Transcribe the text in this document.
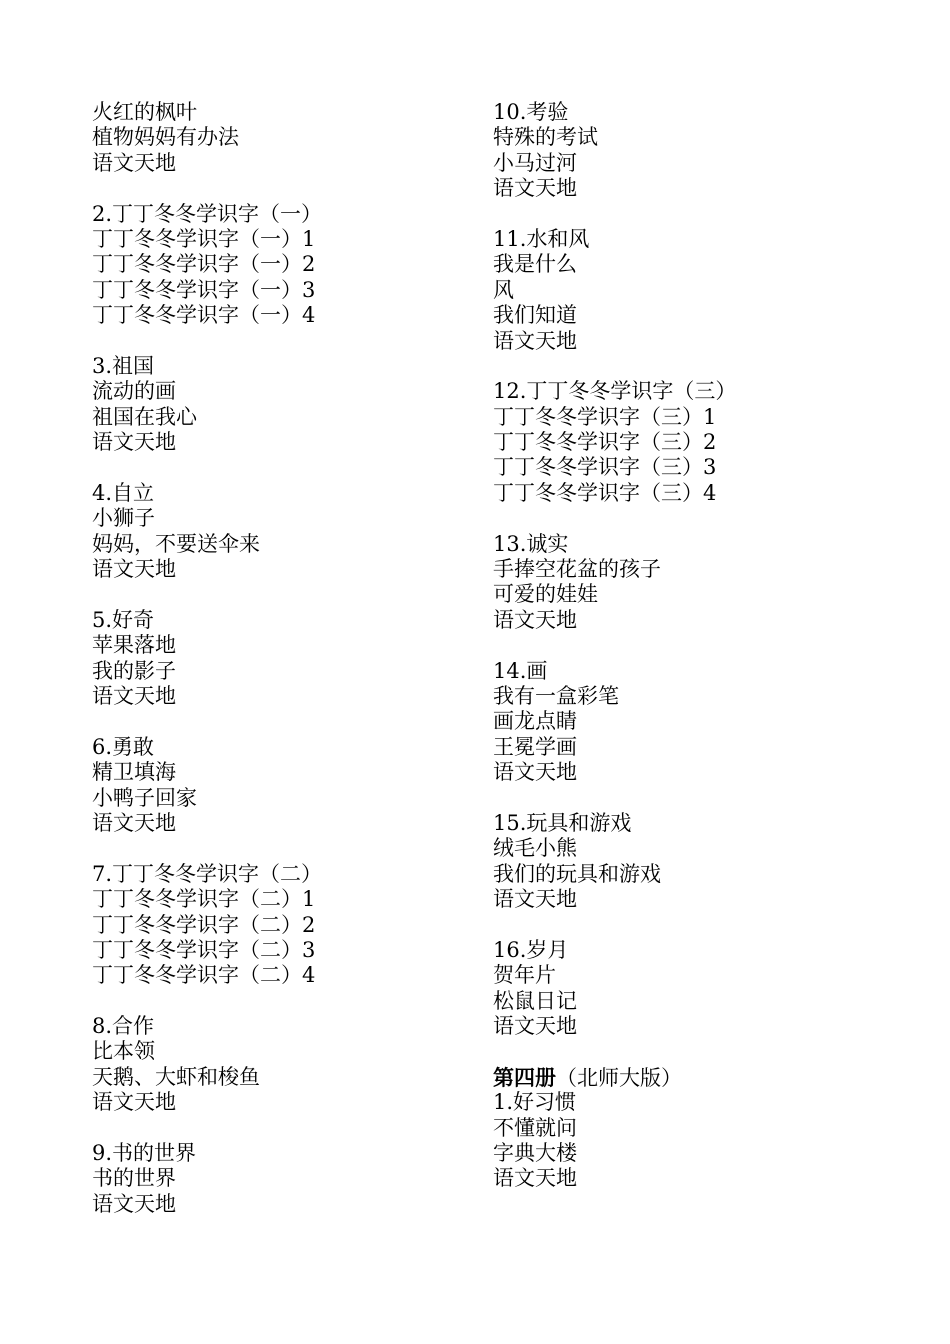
火红的枫叶
植物妈妈有办法
语文天地
2.丁丁冬冬学识字（一）
丁丁冬冬学识字（一）1
丁丁冬冬学识字（一）2
丁丁冬冬学识字（一）3
丁丁冬冬学识字（一）4
3.祖国
流动的画
祖国在我心
语文天地
4.自立
小狮子
妈妈，不要送伞来
语文天地
5.好奇
苹果落地
我的影子
语文天地
6.勇敢
精卫填海
小鸭子回家
语文天地
7.丁丁冬冬学识字（二）
丁丁冬冬学识字（二）1
丁丁冬冬学识字（二）2
丁丁冬冬学识字（二）3
丁丁冬冬学识字（二）4
8.合作
比本领
天鹅、大虾和梭鱼
语文天地
9.书的世界
书的世界
语文天地
10.考验
特殊的考试
小马过河
语文天地
11.水和风
我是什么
风
我们知道
语文天地
12.丁丁冬冬学识字（三）
丁丁冬冬学识字（三）1
丁丁冬冬学识字（三）2
丁丁冬冬学识字（三）3
丁丁冬冬学识字（三）4
13.诚实
手捧空花盆的孩子
可爱的娃娃
语文天地
14.画
我有一盒彩笔
画龙点睛
王冕学画
语文天地
15.玩具和游戏
绒毛小熊
我们的玩具和游戏
语文天地
16.岁月
贺年片
松鼠日记
语文天地
第四册（北师大版）
1.好习惯
不懂就问
字典大楼
语文天地
